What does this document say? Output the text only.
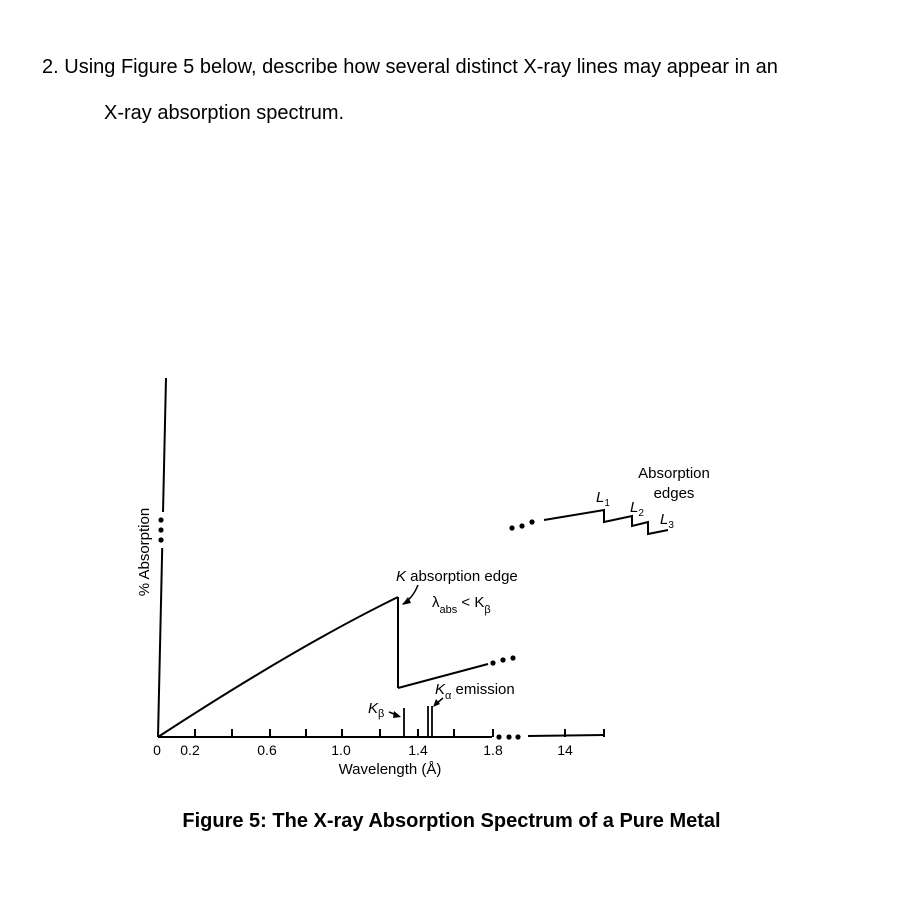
2. Using Figure 5 below, describe how several distinct X-ray lines may appear in an
X-ray absorption spectrum.
% Absorption
0 0.2	0.6	1.0	1.4	1.8	14
Wavelength (Å)
K absorption edge
$\lambda_{abs} < K_\beta$
$K_\alpha$ emission
$K_\beta$
Absorption
edges
$L_1$ $L_2$ $L_3$
Figure 5: The X-ray Absorption Spectrum of a Pure Metal
